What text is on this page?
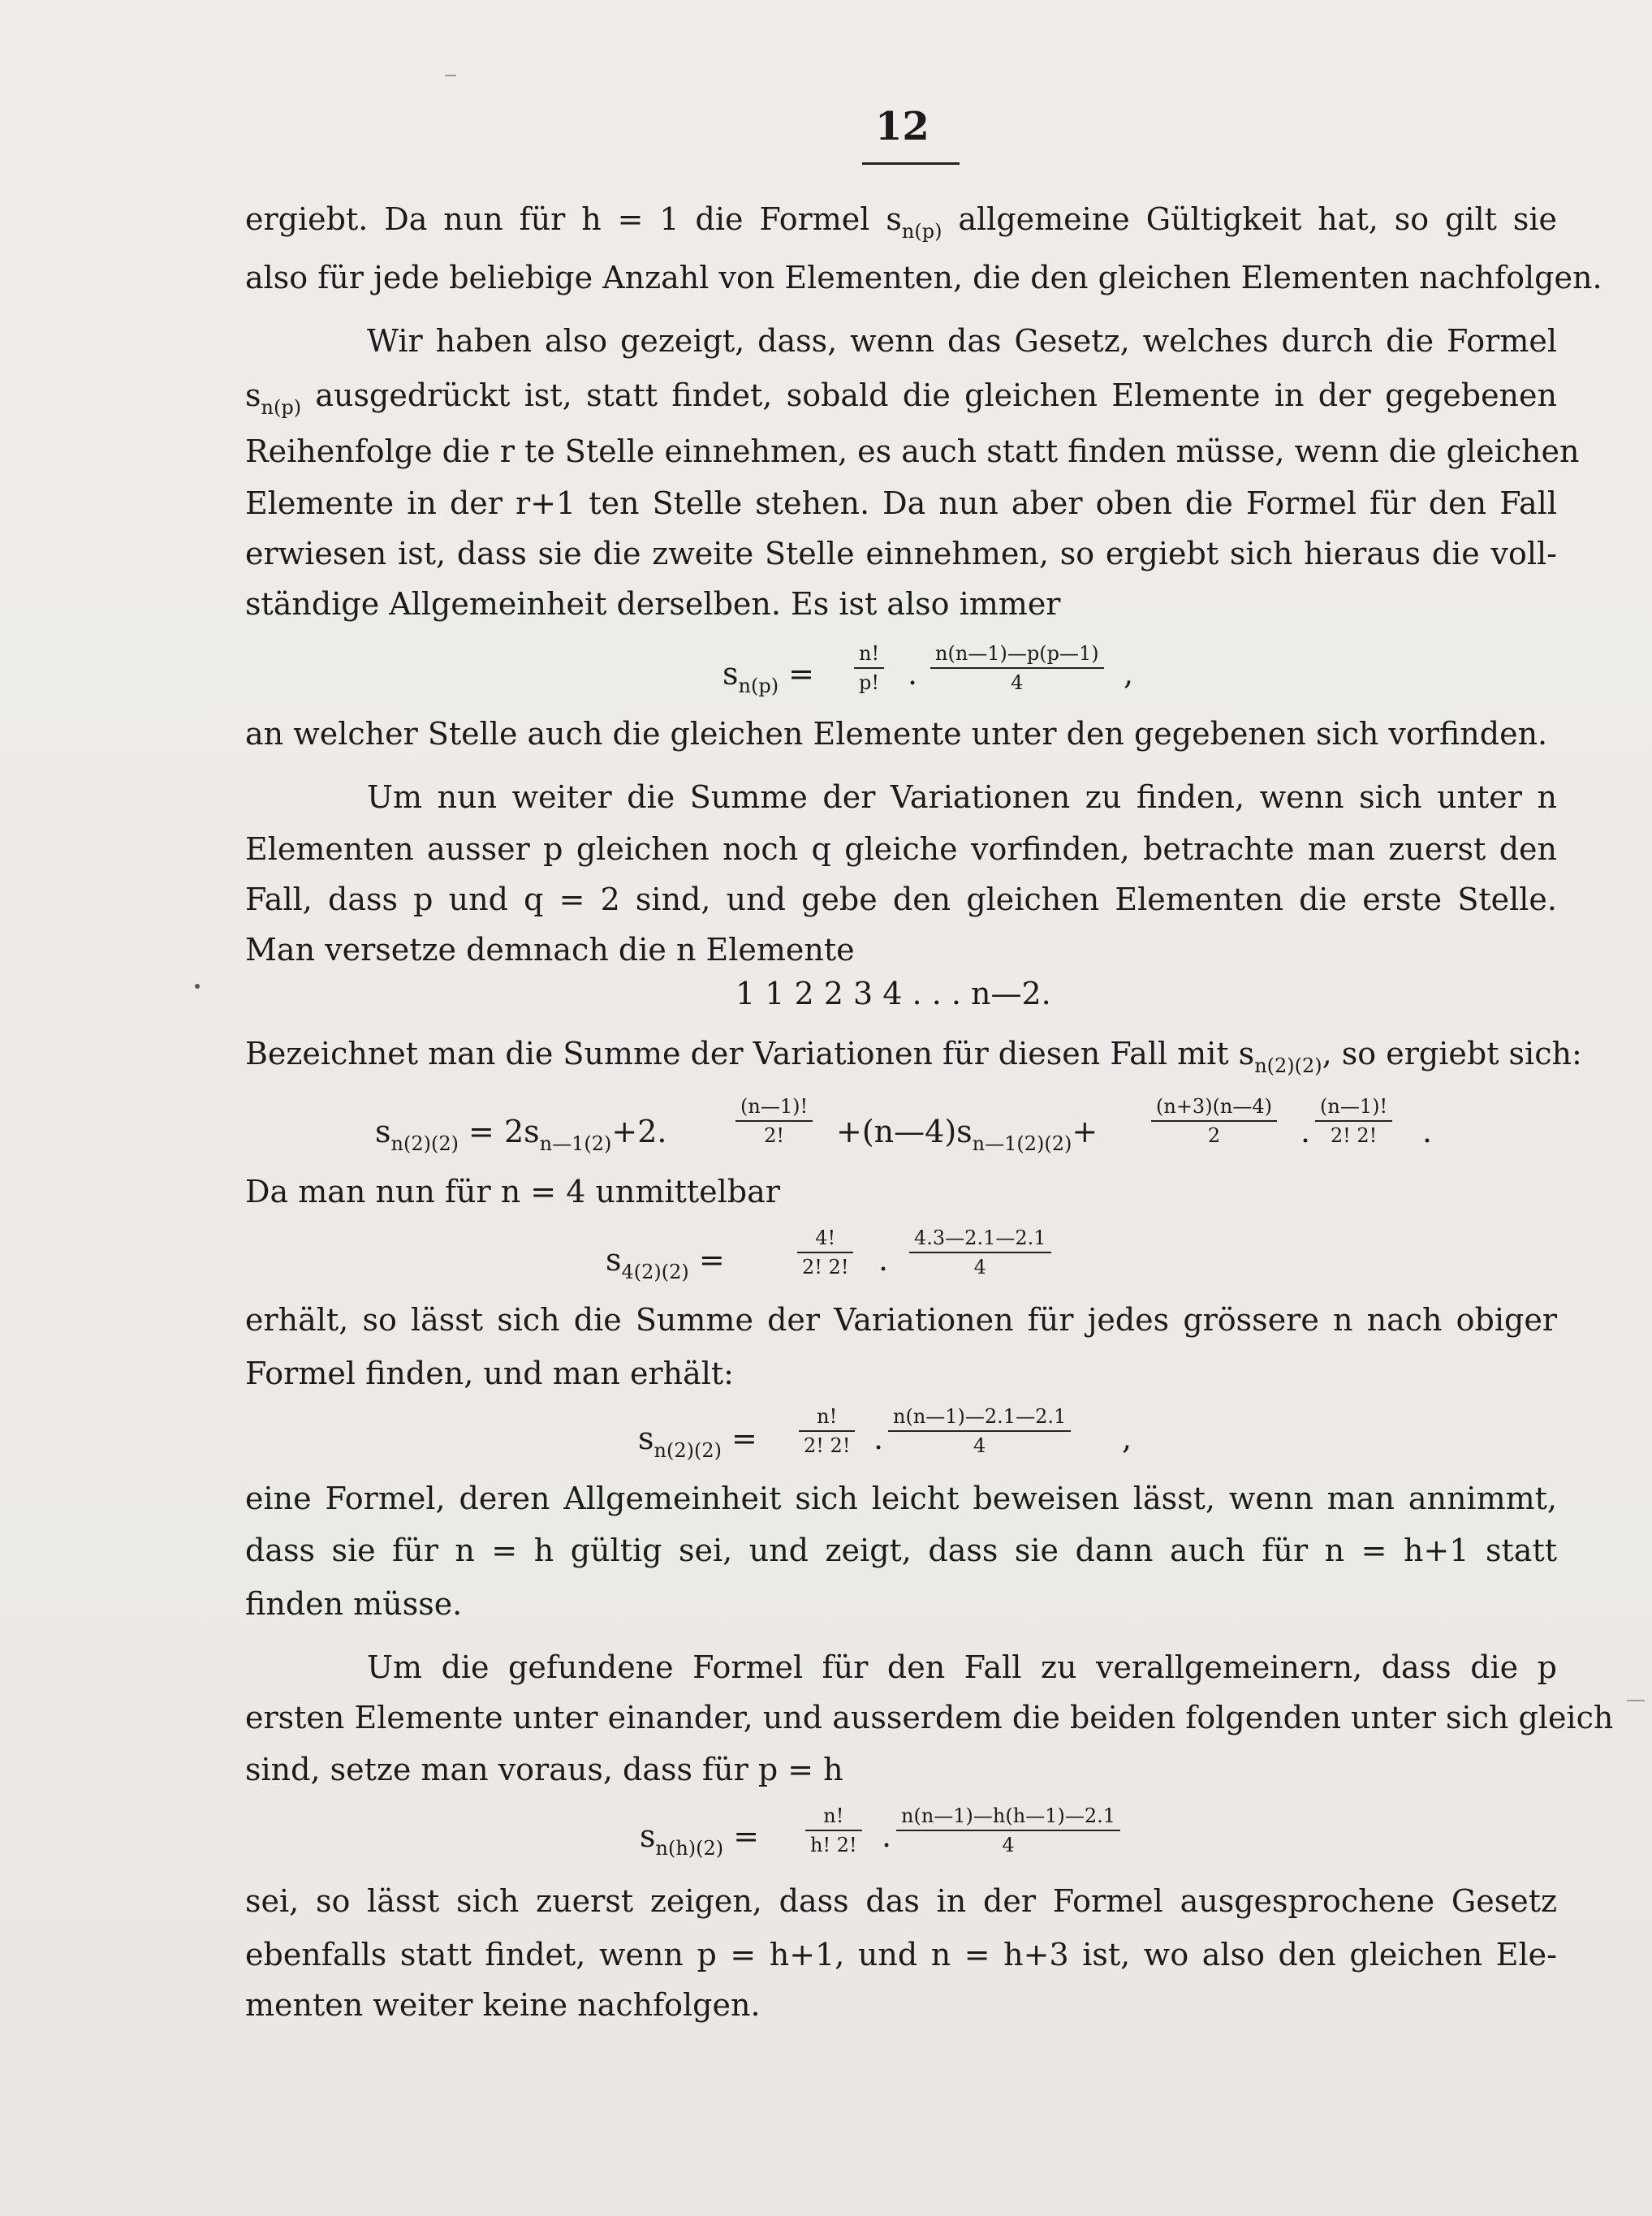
12
ergiebt. Da nun für h = 1 die Formel $s_{n(p)}$ allgemeine Gültigkeit hat, so gilt sie
also für jede beliebige Anzahl von Elementen, die den gleichen Elementen nachfolgen.
Wir haben also gezeigt, dass, wenn das Gesetz, welches durch die Formel
$s_{n(p)}$ ausgedrückt ist, statt findet, sobald die gleichen Elemente in der gegebenen
Reihenfolge die r te Stelle einnehmen, es auch statt finden müsse, wenn die gleichen
Elemente in der r+1 ten Stelle stehen. Da nun aber oben die Formel für den Fall
erwiesen ist, dass sie die zweite Stelle einnehmen, so ergiebt sich hieraus die voll-
ständige Allgemeinheit derselben. Es ist also immer
$s_{n(p)}$ =
n!
p! .
n(n—1)—p(p—1)
4	,
an welcher Stelle auch die gleichen Elemente unter den gegebenen sich vorfinden.
Um nun weiter die Summe der Variationen zu finden, wenn sich unter n
Elementen ausser p gleichen noch q gleiche vorfinden, betrachte man zuerst den
Fall, dass p und q = 2 sind, und gebe den gleichen Elementen die erste Stelle.
Man versetze demnach die n Elemente
1 1 2 2 3 4 . . . n—2.
Bezeichnet man die Summe der Variationen für diesen Fall mit $s_{n(2)(2)}$, so ergiebt sich:
$s_{n(2)(2)} = 2s_{n—1(2)}+2$.
(n—1)!
2! $+(n—4)s_{n—1(2)(2)}+$
(n+3)(n—4)
2	.
(n—1)!
2! 2! .
Da man nun für n = 4 unmittelbar
$s_{4(2)(2)}$ =
4!
2! 2! .
4.3—2.1—2.1
4
erhält, so lässt sich die Summe der Variationen für jedes grössere n nach obiger
Formel finden, und man erhält:
$s_{n(2)(2)}$ =
n!
2! 2! .
n(n—1)—2.1—2.1
4	,
eine Formel, deren Allgemeinheit sich leicht beweisen lässt, wenn man annimmt,
dass sie für n = h gültig sei, und zeigt, dass sie dann auch für n = h+1 statt
finden müsse.
Um die gefundene Formel für den Fall zu verallgemeinern, dass die p
ersten Elemente unter einander, und ausserdem die beiden folgenden unter sich gleich
sind, setze man voraus, dass für p = h
$s_{n(h)(2)}$ =
n!
h! 2! .
n(n—1)—h(h—1)—2.1
4
sei, so lässt sich zuerst zeigen, dass das in der Formel ausgesprochene Gesetz
ebenfalls statt findet, wenn p = h+1, und n = h+3 ist, wo also den gleichen Ele-
menten weiter keine nachfolgen.
